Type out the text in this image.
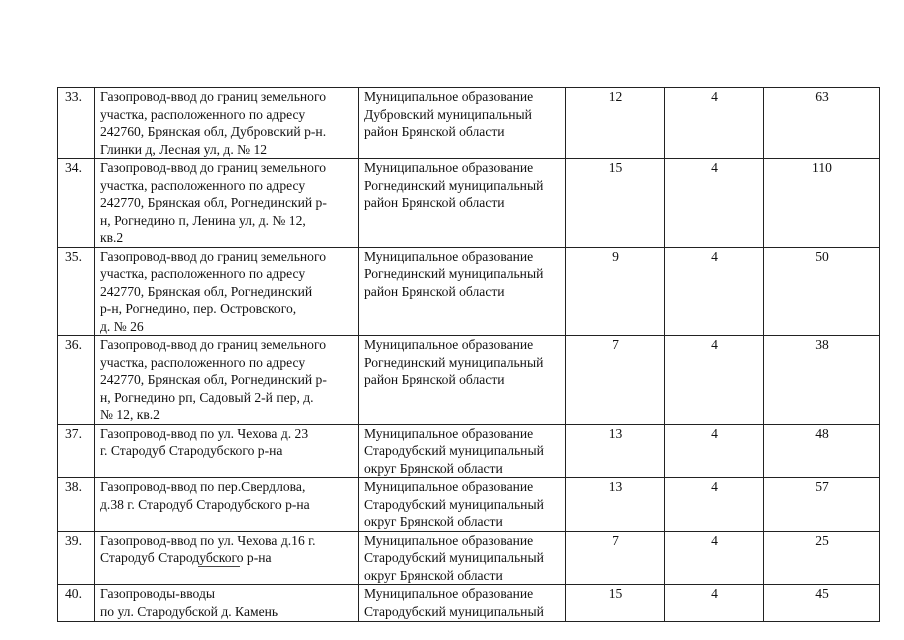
33.	Газопровод-ввод до границ земельного
участка, расположенного по адресу
242760, Брянская обл, Дубровский р-н.
Глинки д, Лесная ул, д. № 12	Муниципальное образование
Дубровский муниципальный
район Брянской области	12	4	63
34.	Газопровод-ввод до границ земельного
участка, расположенного по адресу
242770, Брянская обл, Рогнединский р-
н, Рогнедино п, Ленина ул, д. № 12,
кв.2	Муниципальное образование
Рогнединский муниципальный
район Брянской области	15	4	110
35.	Газопровод-ввод до границ земельного
участка, расположенного по адресу
242770, Брянская обл, Рогнединский
р-н, Рогнедино, пер. Островского,
д. № 26	Муниципальное образование
Рогнединский муниципальный
район Брянской области	9	4	50
36.	Газопровод-ввод до границ земельного
участка, расположенного по адресу
242770, Брянская обл, Рогнединский р-
н, Рогнедино рп, Садовый 2-й пер, д.
№ 12, кв.2	Муниципальное образование
Рогнединский муниципальный
район Брянской области	7	4	38
37.	Газопровод-ввод по ул. Чехова д. 23
г. Стародуб Стародубского р-на	Муниципальное образование
Стародубский муниципальный
округ Брянской области	13	4	48
38.	Газопровод-ввод по пер.Свердлова,
д.38 г. Стародуб Стародубского р-на	Муниципальное образование
Стародубский муниципальный
округ Брянской области	13	4	57
39.	Газопровод-ввод по ул. Чехова д.16 г.
Стародуб Стародубского р-на	Муниципальное образование
Стародубский муниципальный
округ Брянской области	7	4	25
40.	Газопроводы-вводы
по ул. Стародубской д. Камень	Муниципальное образование
Стародубский муниципальный	15	4	45
